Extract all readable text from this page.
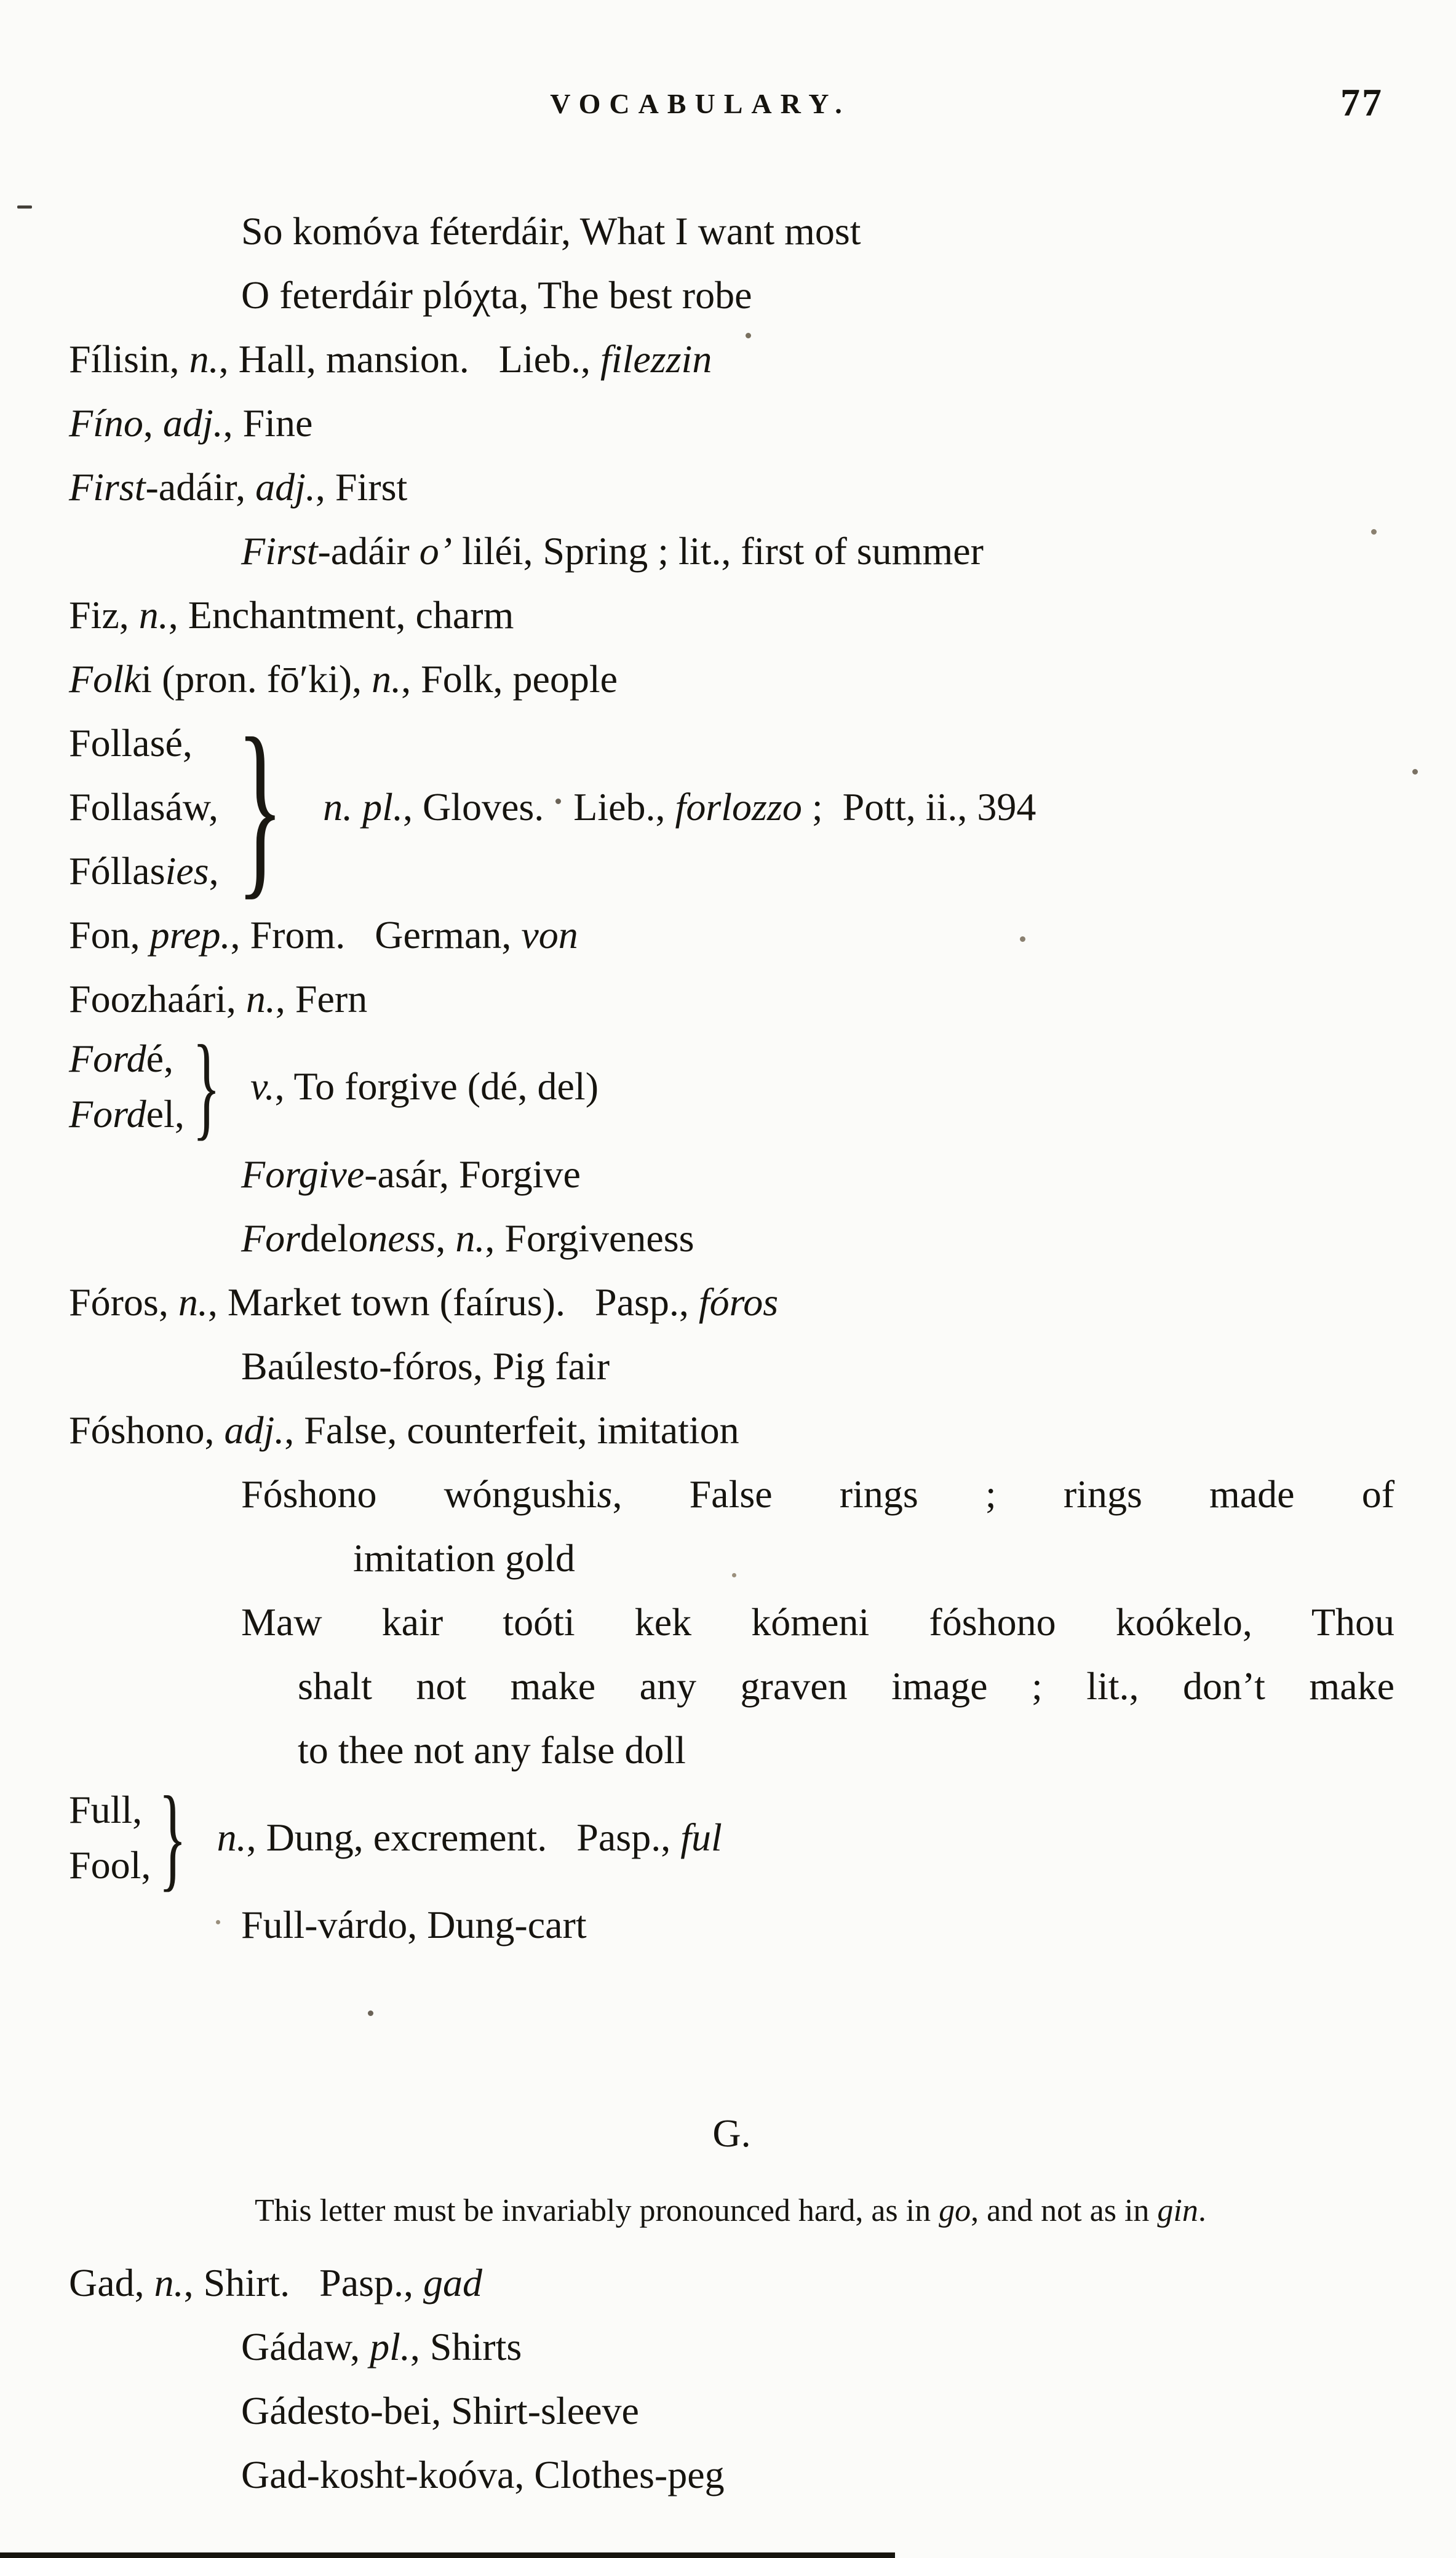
VOCABULARY.	77
So komóva féterdáir, What I want most
O feterdáir plóχta, The best robe
Fílisin, n., Hall, mansion.   Lieb., filezzin
Fíno, adj., Fine
First-adáir, adj., First
First-adáir o’ liléi, Spring ; lit., first of summer
Fiz, n., Enchantment, charm
Folki (pron. fō′ki), n., Folk, people
Follasé,
Follasáw,
Fóllasies, } n. pl., Gloves.   Lieb., forlozzo ;  Pott, ii., 394
Fon, prep., From.   German, von
Foozhaári, n., Fern
Fordé,
Fordel, } v., To forgive (dé, del)
Forgive-asár, Forgive
Fordeloness, n., Forgiveness
Fóros, n., Market town (faírus).   Pasp., fóros
Baúlesto-fóros, Pig fair
Fóshono, adj., False, counterfeit, imitation
Fóshono wóngushis, False rings ; rings made of
imitation gold
Maw kair toóti kek kómeni fóshono koókelo, Thou
shalt not make any graven image ; lit., don’t make
to thee not any false doll
Full,
Fool, } n., Dung, excrement.   Pasp., ful
Full-várdo, Dung-cart
G.
This letter must be invariably pronounced hard, as in go, and not as in gin.
Gad, n., Shirt.   Pasp., gad
Gádaw, pl., Shirts
Gádesto-bei, Shirt-sleeve
Gad-kosht-koóva, Clothes-peg
